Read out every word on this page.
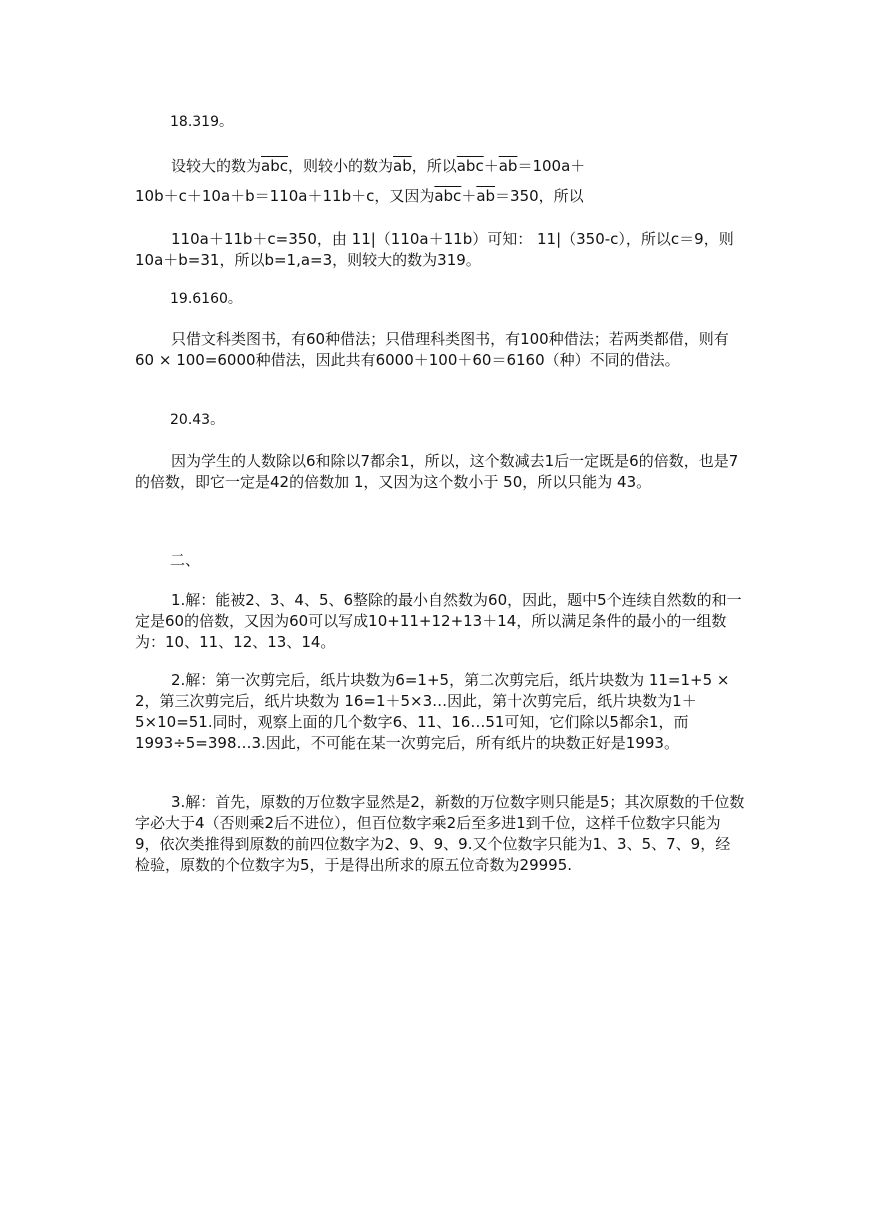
18.319。

设较大的数为$\overline{abc}$，则较小的数为$\overline{ab}$，所以$\overline{abc}+\overline{ab}=100a+$

10b＋c＋10a＋b＝110a＋11b＋c，又因为$\overline{abc}+\overline{ab}=350$，所以

110a＋11b＋c=350，由 11|（110a＋11b）可知： 11|（350-c），所以c＝9，则10a＋b=31，所以b=1,a=3，则较大的数为319。

19.6160。

只借文科类图书，有60种借法；只借理科类图书，有100种借法；若两类都借，则有60 × 100=6000种借法，因此共有6000＋100＋60＝6160（种）不同的借法。

20.43。

因为学生的人数除以6和除以7都余1，所以，这个数减去1后一定既是6的倍数，也是7的倍数，即它一定是42的倍数加 1，又因为这个数小于 50，所以只能为 43。

二、

1.解：能被2、3、4、5、6整除的最小自然数为60，因此，题中5个连续自然数的和一定是60的倍数，又因为60可以写成10+11+12+13＋14，所以满足条件的最小的一组数为：10、11、12、13、14。

2.解：第一次剪完后，纸片块数为6=1+5，第二次剪完后，纸片块数为 11=1+5 × 2，第三次剪完后，纸片块数为 16=1＋5×3…因此，第十次剪完后，纸片块数为1＋5×10=51.同时，观察上面的几个数字6、11、16…51可知，它们除以5都余1，而1993÷5=398…3.因此，不可能在某一次剪完后，所有纸片的块数正好是1993。

3.解：首先，原数的万位数字显然是2，新数的万位数字则只能是5；其次原数的千位数字必大于4（否则乘2后不进位），但百位数字乘2后至多进1到千位，这样千位数字只能为9，依次类推得到原数的前四位数字为2、9、9、9.又个位数字只能为1、3、5、7、9，经检验，原数的个位数字为5，于是得出所求的原五位奇数为29995.
